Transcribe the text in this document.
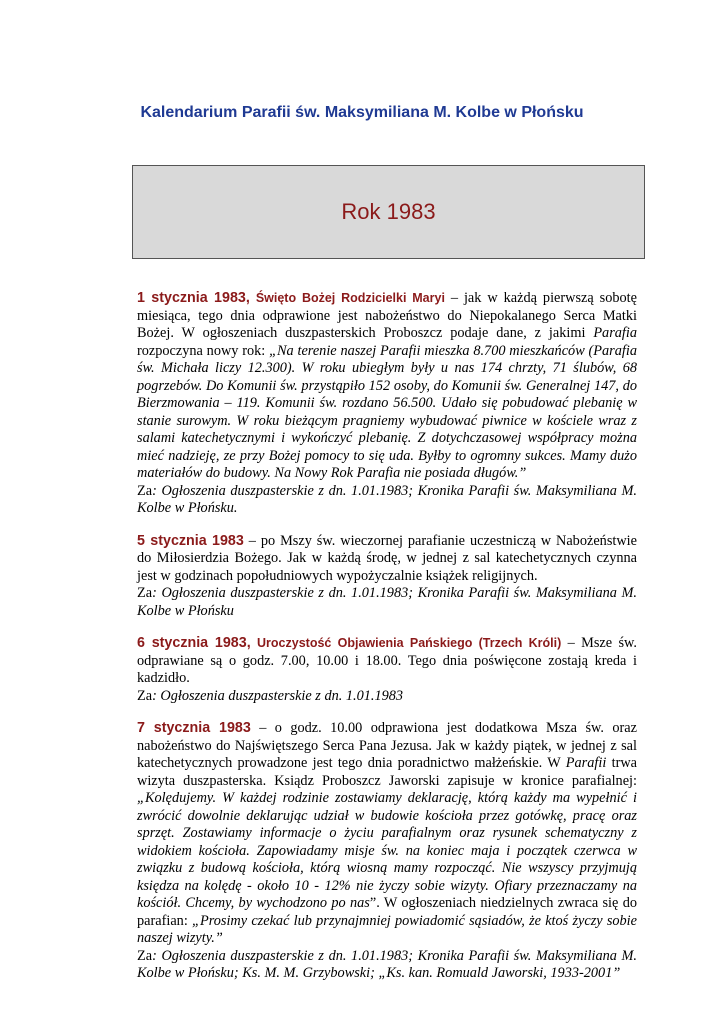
Kalendarium Parafii św. Maksymiliana M. Kolbe w Płońsku
Rok 1983

1 stycznia 1983, Święto Bożej Rodzicielki Maryi – jak w każdą pierwszą sobotę miesiąca, tego dnia odprawione jest nabożeństwo do Niepokalanego Serca Matki Bożej. W ogłoszeniach duszpasterskich Proboszcz podaje dane, z jakimi Parafia rozpoczyna nowy rok: „Na terenie naszej Parafii mieszka 8.700 mieszkańców (Parafia św. Michała liczy 12.300). W roku ubiegłym były u nas 174 chrzty, 71 ślubów, 68 pogrzebów. Do Komunii św. przystąpiło 152 osoby, do Komunii św. Generalnej 147, do Bierzmowania – 119. Komunii św. rozdano 56.500. Udało się pobudować plebanię w stanie surowym. W roku bieżącym pragniemy wybudować piwnice w kościele wraz z salami katechetycznymi i wykończyć plebanię. Z dotychczasowej współpracy można mieć nadzieję, ze przy Bożej pomocy to się uda. Byłby to ogromny sukces. Mamy dużo materiałów do budowy. Na Nowy Rok Parafia nie posiada długów.”

Za: Ogłoszenia duszpasterskie z dn. 1.01.1983; Kronika Parafii św. Maksymiliana M. Kolbe w Płońsku.

5 stycznia 1983 – po Mszy św. wieczornej parafianie uczestniczą w Nabożeństwie do Miłosierdzia Bożego. Jak w każdą środę, w jednej z sal katechetycznych czynna jest w godzinach popołudniowych wypożyczalnie książek religijnych.

Za: Ogłoszenia duszpasterskie z dn. 1.01.1983; Kronika Parafii św. Maksymiliana M. Kolbe w Płońsku

6 stycznia 1983, Uroczystość Objawienia Pańskiego (Trzech Króli) – Msze św. odprawiane są o godz. 7.00, 10.00 i 18.00. Tego dnia poświęcone zostają kreda i kadzidło.

Za: Ogłoszenia duszpasterskie z dn. 1.01.1983

7 stycznia 1983 – o godz. 10.00 odprawiona jest dodatkowa Msza św. oraz nabożeństwo do Najświętszego Serca Pana Jezusa. Jak w każdy piątek, w jednej z sal katechetycznych prowadzone jest tego dnia poradnictwo małżeńskie. W Parafii trwa wizyta duszpasterska. Ksiądz Proboszcz Jaworski zapisuje w kronice parafialnej: „Kolędujemy. W każdej rodzinie zostawiamy deklarację, którą każdy ma wypełnić i zwrócić dowolnie deklarując udział w budowie kościoła przez gotówkę, pracę oraz sprzęt. Zostawiamy informacje o życiu parafialnym oraz rysunek schematyczny z widokiem kościoła. Zapowiadamy misje św. na koniec maja i początek czerwca w związku z budową kościoła, którą wiosną mamy rozpocząć. Nie wszyscy przyjmują księdza na kolędę - około 10 - 12% nie życzy sobie wizyty. Ofiary przeznaczamy na kościół. Chcemy, by wychodzono po nas”. W ogłoszeniach niedzielnych zwraca się do parafian: „Prosimy czekać lub przynajmniej powiadomić sąsiadów, że ktoś życzy sobie naszej wizyty.”

Za: Ogłoszenia duszpasterskie z dn. 1.01.1983; Kronika Parafii św. Maksymiliana M. Kolbe w Płońsku; Ks. M. M. Grzybowski; „Ks. kan. Romuald Jaworski, 1933-2001”
